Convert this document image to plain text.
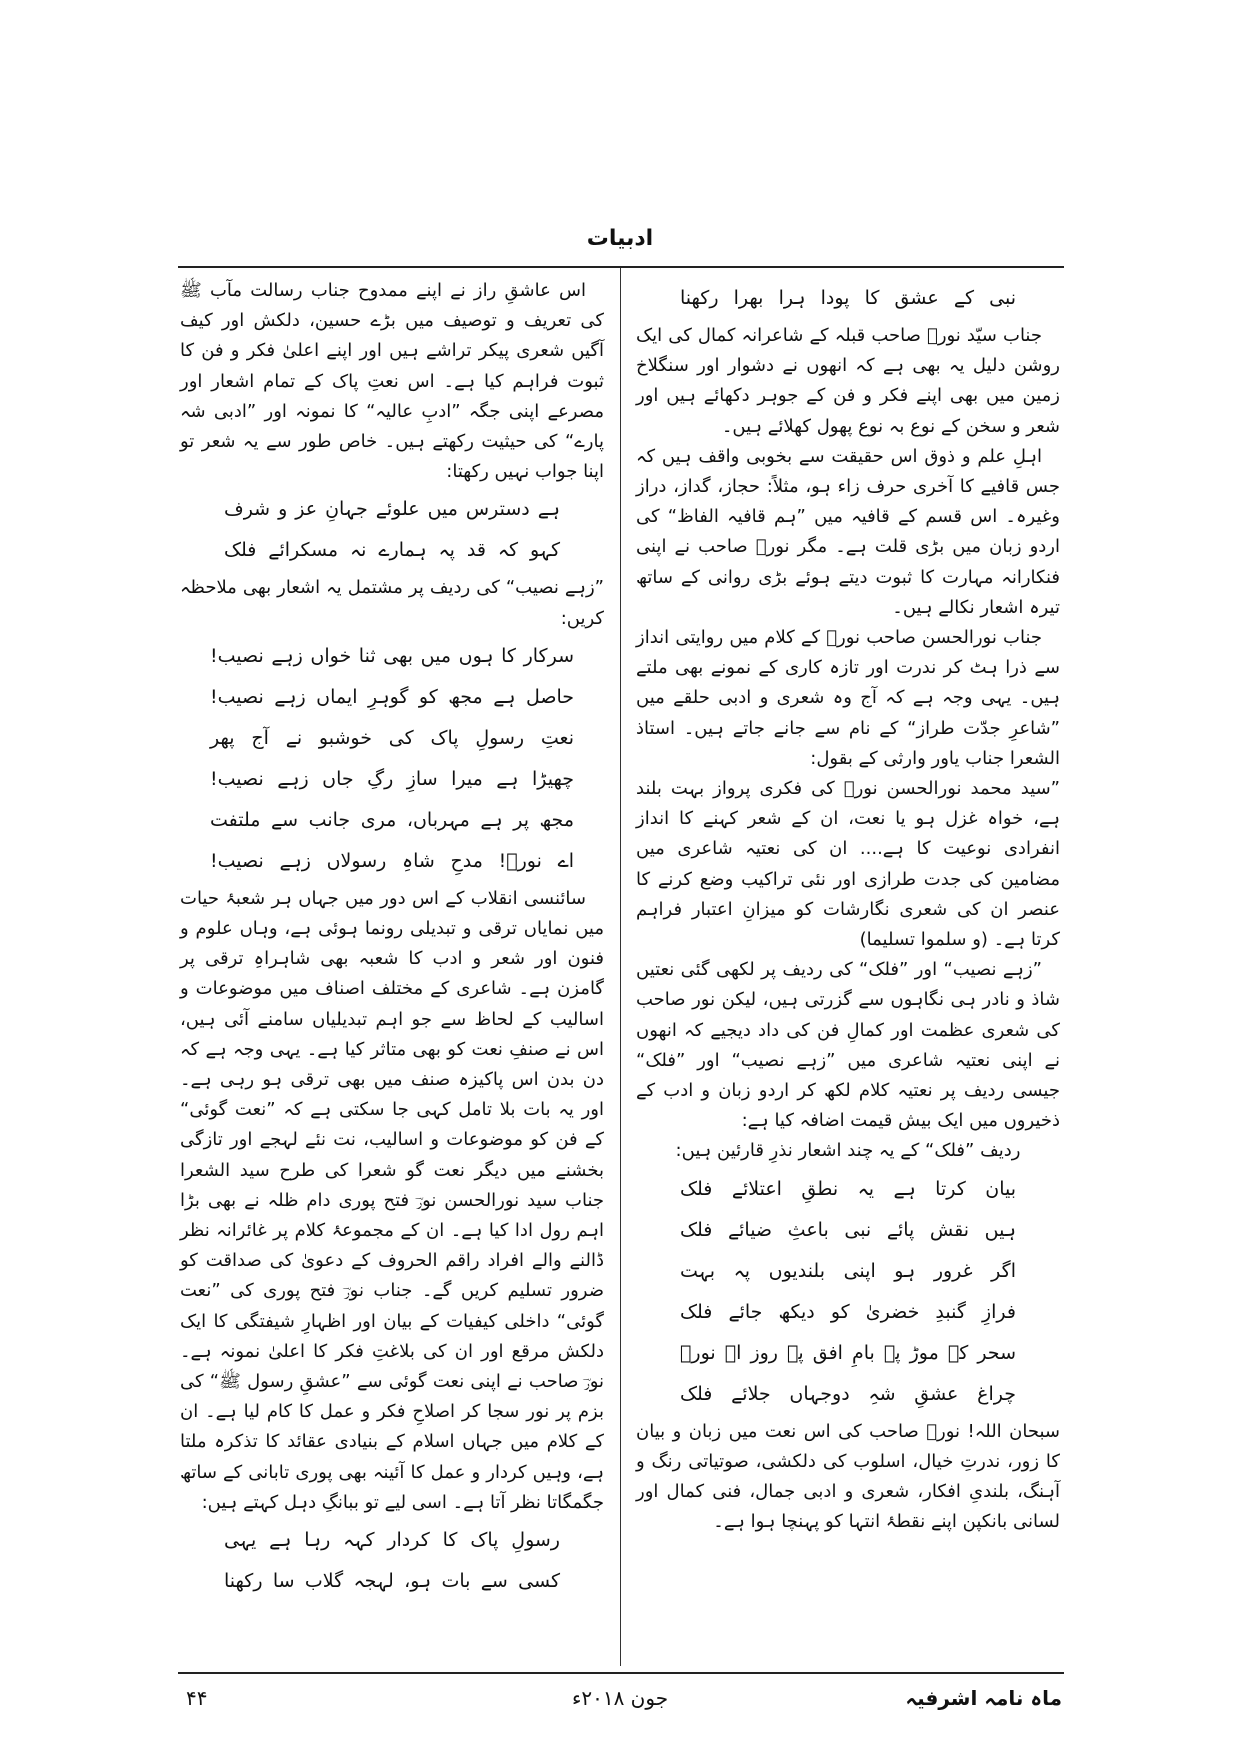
ادبیات

نبی کے عشق کا پودا ہرا بھرا رکھنا

جناب سیّد نورؔ صاحب قبلہ کے شاعرانہ کمال کی ایک روشن دلیل یہ بھی ہے کہ انھوں نے دشوار اور سنگلاخ زمین میں بھی اپنے فکر و فن کے جوہر دکھائے ہیں اور شعر و سخن کے نوع بہ نوع پھول کھلائے ہیں۔

اہلِ علم و ذوق اس حقیقت سے بخوبی واقف ہیں کہ جس قافیے کا آخری حرف زاء ہو، مثلاً: حجاز، گداز، دراز وغیرہ۔ اس قسم کے قافیہ میں ”ہم قافیہ الفاظ“ کی اردو زبان میں بڑی قلت ہے۔ مگر نورؔ صاحب نے اپنی فنکارانہ مہارت کا ثبوت دیتے ہوئے بڑی روانی کے ساتھ تیرہ اشعار نکالے ہیں۔

جناب نورالحسن صاحب نورؔ کے کلام میں روایتی انداز سے ذرا ہٹ کر ندرت اور تازہ کاری کے نمونے بھی ملتے ہیں۔ یہی وجہ ہے کہ آج وہ شعری و ادبی حلقے میں ”شاعرِ جدّت طراز“ کے نام سے جانے جاتے ہیں۔ استاذ الشعرا جناب یاور وارثی کے بقول:

”سید محمد نورالحسن نورؔ کی فکری پرواز بہت بلند ہے، خواہ غزل ہو یا نعت، ان کے شعر کہنے کا انداز انفرادی نوعیت کا ہے.... ان کی نعتیہ شاعری میں مضامین کی جدت طرازی اور نئی تراکیب وضع کرنے کا عنصر ان کی شعری نگارشات کو میزانِ اعتبار فراہم کرتا ہے۔ (و سلموا تسلیما)

”زہے نصیب“ اور ”فلک“ کی ردیف پر لکھی گئی نعتیں شاذ و نادر ہی نگاہوں سے گزرتی ہیں، لیکن نور صاحب کی شعری عظمت اور کمالِ فن کی داد دیجیے کہ انھوں نے اپنی نعتیہ شاعری میں ”زہے نصیب“ اور ”فلک“ جیسی ردیف پر نعتیہ کلام لکھ کر اردو زبان و ادب کے ذخیروں میں ایک بیش قیمت اضافہ کیا ہے:

ردیف ”فلک“ کے یہ چند اشعار نذرِ قارئین ہیں:

بیان کرتا ہے یہ نطقِ اعتلائے فلک

ہیں نقش پائے نبی باعثِ ضیائے فلک

اگر غرور ہو اپنی بلندیوں پہ بہت

فرازِ گنبدِ خضریٰ کو دیکھ جائے فلک

سحر کے موڑ پہ بامِ افق پہ روز اے نورؔ

چراغ عشقِ شہِ دوجہاں جلائے فلک

سبحان اللہ! نورؔ صاحب کی اس نعت میں زبان و بیان کا زور، ندرتِ خیال، اسلوب کی دلکشی، صوتیاتی رنگ و آہنگ، بلندیِ افکار، شعری و ادبی جمال، فنی کمال اور لسانی بانکپن اپنے نقطۂ انتہا کو پہنچا ہوا ہے۔

اس عاشقِ راز نے اپنے ممدوح جناب رسالت مآب ﷺ کی تعریف و توصیف میں بڑے حسین، دلکش اور کیف آگیں شعری پیکر تراشے ہیں اور اپنے اعلیٰ فکر و فن کا ثبوت فراہم کیا ہے۔ اس نعتِ پاک کے تمام اشعار اور مصرعے اپنی جگہ ”ادبِ عالیہ“ کا نمونہ اور ”ادبی شہ پارے“ کی حیثیت رکھتے ہیں۔ خاص طور سے یہ شعر تو اپنا جواب نہیں رکھتا:

ہے دسترس میں علوئے جہانِ عز و شرف

کہو کہ قد پہ ہمارے نہ مسکرائے فلک

”زہے نصیب“ کی ردیف پر مشتمل یہ اشعار بھی ملاحظہ کریں:

سرکار کا ہوں میں بھی ثنا خواں زہے نصیب!

حاصل ہے مجھ کو گوہرِ ایماں زہے نصیب!

نعتِ رسولِ پاک کی خوشبو نے آج پھر

چھیڑا ہے میرا سازِ رگِ جاں زہے نصیب!

مجھ پر ہے مہرباں، مری جانب سے ملتفت

اے نورؔ! مدحِ شاہِ رسولاں زہے نصیب!

سائنسی انقلاب کے اس دور میں جہاں ہر شعبۂ حیات میں نمایاں ترقی و تبدیلی رونما ہوئی ہے، وہاں علوم و فنون اور شعر و ادب کا شعبہ بھی شاہراہِ ترقی پر گامزن ہے۔ شاعری کے مختلف اصناف میں موضوعات و اسالیب کے لحاظ سے جو اہم تبدیلیاں سامنے آئی ہیں، اس نے صنفِ نعت کو بھی متاثر کیا ہے۔ یہی وجہ ہے کہ دن بدن اس پاکیزہ صنف میں بھی ترقی ہو رہی ہے۔ اور یہ بات بلا تامل کہی جا سکتی ہے کہ ”نعت گوئی“ کے فن کو موضوعات و اسالیب، نت نئے لہجے اور تازگی بخشنے میں دیگر نعت گو شعرا کی طرح سید الشعرا جناب سید نورالحسن نورؔ فتح پوری دام ظلہ نے بھی بڑا اہم رول ادا کیا ہے۔ ان کے مجموعۂ کلام پر غائرانہ نظر ڈالنے والے افراد راقم الحروف کے دعویٰ کی صداقت کو ضرور تسلیم کریں گے۔ جناب نورؔ فتح پوری کی ”نعت گوئی“ داخلی کیفیات کے بیان اور اظہارِ شیفتگی کا ایک دلکش مرقع اور ان کی بلاغتِ فکر کا اعلیٰ نمونہ ہے۔ نورؔ صاحب نے اپنی نعت گوئی سے ”عشقِ رسول ﷺ“ کی بزم پر نور سجا کر اصلاحِ فکر و عمل کا کام لیا ہے۔ ان کے کلام میں جہاں اسلام کے بنیادی عقائد کا تذکرہ ملتا ہے، وہیں کردار و عمل کا آئینہ بھی پوری تابانی کے ساتھ جگمگاتا نظر آتا ہے۔ اسی لیے تو ببانگِ دہل کہتے ہیں:

رسولِ پاک کا کردار کہہ رہا ہے یہی

کسی سے بات ہو، لہجہ گلاب سا رکھنا

ماہ نامہ اشرفیہ
جون ۲۰۱۸ء
۴۴
